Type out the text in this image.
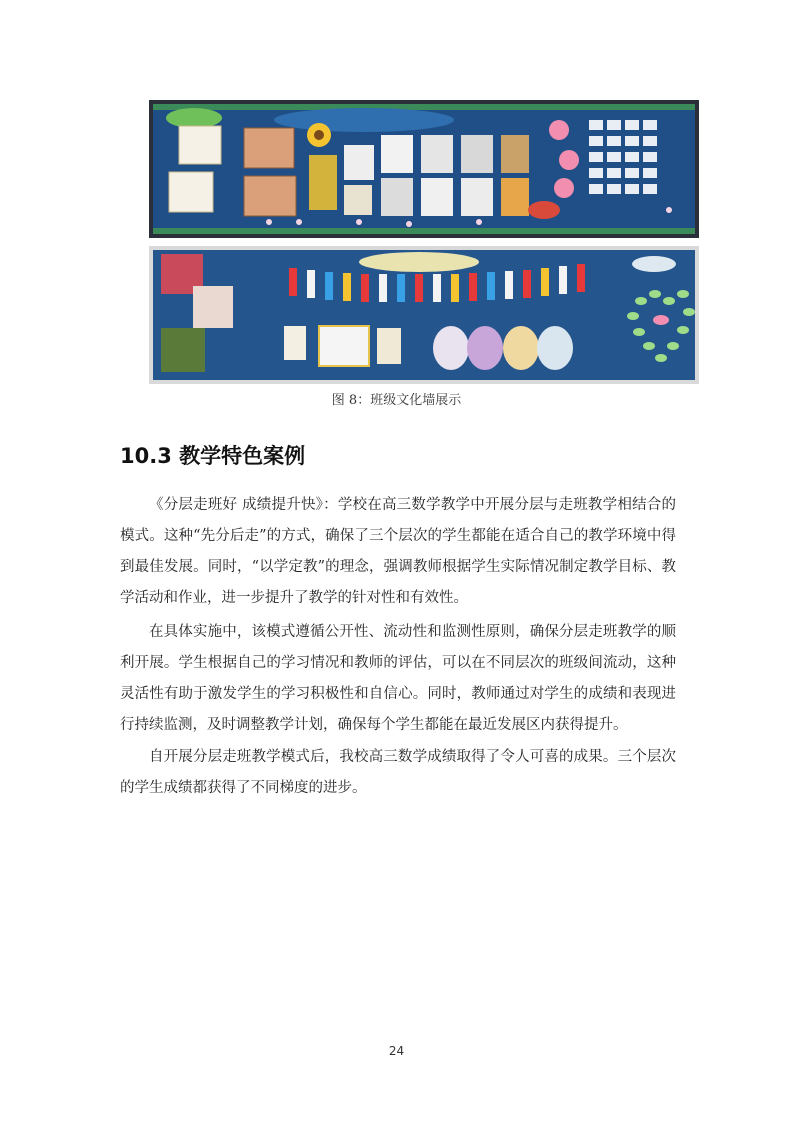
图 8：班级文化墙展示
10.3 教学特色案例

《分层走班好 成绩提升快》：学校在高三数学教学中开展分层与走班教学相结合的模式。这种“先分后走”的方式，确保了三个层次的学生都能在适合自己的教学环境中得到最佳发展。同时，“以学定教”的理念，强调教师根据学生实际情况制定教学目标、教学活动和作业，进一步提升了教学的针对性和有效性。

在具体实施中，该模式遵循公开性、流动性和监测性原则，确保分层走班教学的顺利开展。学生根据自己的学习情况和教师的评估，可以在不同层次的班级间流动，这种灵活性有助于激发学生的学习积极性和自信心。同时，教师通过对学生的成绩和表现进行持续监测，及时调整教学计划，确保每个学生都能在最近发展区内获得提升。

自开展分层走班教学模式后，我校高三数学成绩取得了令人可喜的成果。三个层次的学生成绩都获得了不同梯度的进步。

24
